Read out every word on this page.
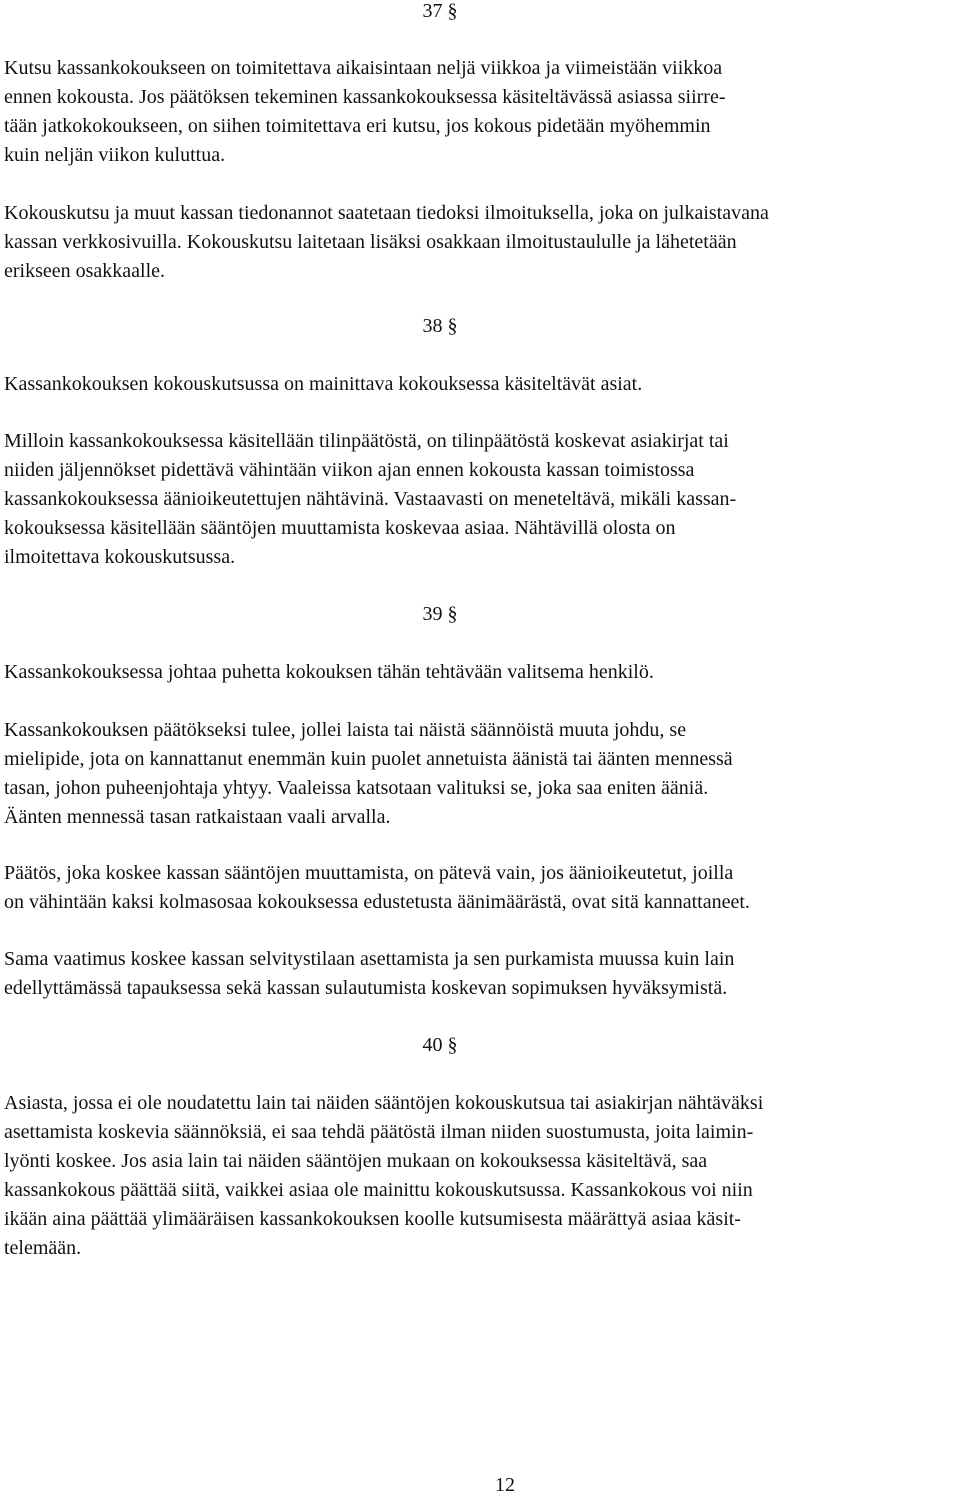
37 §
Kutsu kassankokoukseen on toimitettava aikaisintaan neljä viikkoa ja viimeistään viikkoa
ennen kokousta. Jos päätöksen tekeminen kassankokouksessa käsiteltävässä asiassa siirre-
tään jatkokokoukseen, on siihen toimitettava eri kutsu, jos kokous pidetään myöhemmin
kuin neljän viikon kuluttua.
Kokouskutsu ja muut kassan tiedonannot saatetaan tiedoksi ilmoituksella, joka on julkaistavana
kassan verkkosivuilla. Kokouskutsu laitetaan lisäksi osakkaan ilmoitustaululle ja lähetetään
erikseen osakkaalle.
38 §
Kassankokouksen kokouskutsussa on mainittava kokouksessa käsiteltävät asiat.
Milloin kassankokouksessa käsitellään tilinpäätöstä, on tilinpäätöstä koskevat asiakirjat tai
niiden jäljennökset pidettävä vähintään viikon ajan ennen kokousta kassan toimistossa
kassankokouksessa äänioikeutettujen nähtävinä. Vastaavasti on meneteltävä, mikäli kassan-
kokouksessa käsitellään sääntöjen muuttamista koskevaa asiaa. Nähtävillä olosta on
ilmoitettava kokouskutsussa.
39 §
Kassankokouksessa johtaa puhetta kokouksen tähän tehtävään valitsema henkilö.
Kassankokouksen päätökseksi tulee, jollei laista tai näistä säännöistä muuta johdu, se
mielipide, jota on kannattanut enemmän kuin puolet annetuista äänistä tai äänten mennessä
tasan, johon puheenjohtaja yhtyy. Vaaleissa katsotaan valituksi se, joka saa eniten ääniä.
Äänten mennessä tasan ratkaistaan vaali arvalla.
Päätös, joka koskee kassan sääntöjen muuttamista, on pätevä vain, jos äänioikeutetut, joilla
on vähintään kaksi kolmasosaa kokouksessa edustetusta äänimäärästä, ovat sitä kannattaneet.
Sama vaatimus koskee kassan selvitystilaan asettamista ja sen purkamista muussa kuin lain
edellyttämässä tapauksessa sekä kassan sulautumista koskevan sopimuksen hyväksymistä.
40 §
Asiasta, jossa ei ole noudatettu lain tai näiden sääntöjen kokouskutsua tai asiakirjan nähtäväksi
asettamista koskevia säännöksiä, ei saa tehdä päätöstä ilman niiden suostumusta, joita laimin-
lyönti koskee. Jos asia lain tai näiden sääntöjen mukaan on kokouksessa käsiteltävä, saa
kassankokous päättää siitä, vaikkei asiaa ole mainittu kokouskutsussa. Kassankokous voi niin
ikään aina päättää ylimääräisen kassankokouksen koolle kutsumisesta määrättyä asiaa käsit-
telemään.
12
